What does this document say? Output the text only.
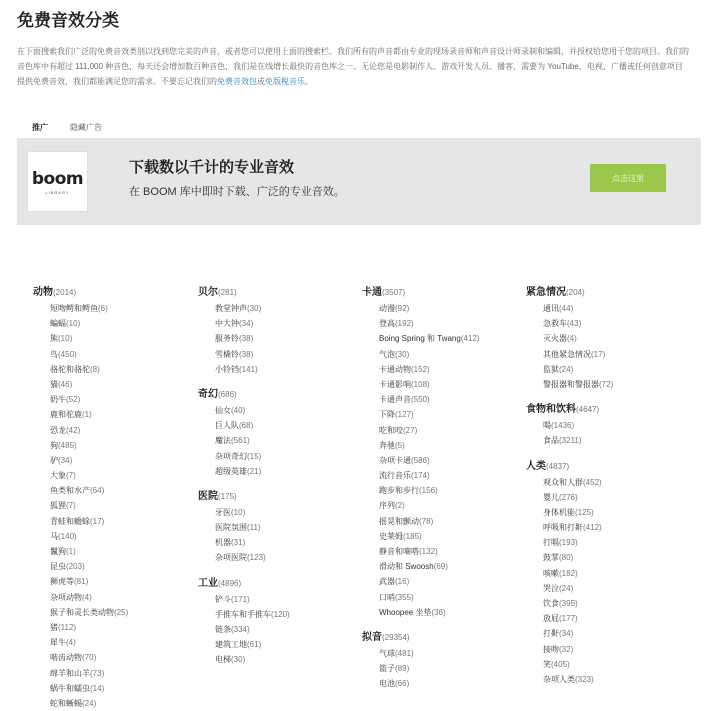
免费音效分类

在下面搜索我们广泛的免费音效类别以找到您完美的声音，或者您可以使用上面的搜索栏。我们所有的声音都由专业的现场录音师和声音设计师录制和编辑，并授权给您用于您的项目。我们的音色库中有超过 111,000 种音色，每天还会增加数百种音色，我们是在线增长最快的音色库之一。无论您是电影制作人、游戏开发人员、播客，需要为 YouTube、电视、广播或任何创意项目提供免费音效，我们都能满足您的需求。不要忘记我们的免费音效包或免版税音乐。

推广	隐藏广告
boom
LIBRARY
下载数以千计的专业音效
在 BOOM 库中即时下载、广泛的专业音效。
点击这里
动物(2014)
短吻鳄和鳄鱼(6)
蝙蝠(10)
熊(10)
鸟(450)
骆驼和骆驼(8)
猫(46)
奶牛(52)
鹿和驼鹿(1)
恐龙(42)
狗(485)
驴(34)
大象(7)
鱼类和水产(64)
狐狸(7)
青蛙和蟾蜍(17)
马(140)
鬣狗(1)
昆虫(203)
狮虎等(81)
杂项动物(4)
猴子和灵长类动物(25)
猪(112)
犀牛(4)
啮齿动物(70)
绵羊和山羊(73)
蜗牛和蠕虫(14)
蛇和蜥蜴(24)
贝尔(281)
教堂钟声(30)
中大钟(34)
服务铃(38)
雪橇铃(38)
小铃铛(141)
奇幻(686)
仙女(40)
巨人队(68)
魔法(561)
杂项奇幻(15)
超级英雄(21)
医院(175)
牙医(10)
医院氛围(11)
机器(31)
杂项医院(123)
工业(4896)
铲斗(171)
手推车和手推车(120)
链条(334)
建筑工地(61)
电梯(30)
卡通(3507)
动漫(92)
登高(192)
Boing Spring 和 Twang(412)
气泡(30)
卡通动物(152)
卡通影响(108)
卡通声音(550)
下降(127)
吃和咬(27)
奔驰(5)
杂项卡通(586)
流行音乐(174)
跑步和步行(156)
序列(2)
摇晃和颤动(78)
史莱姆(185)
静音和嘀嗒(132)
滑动和 Swoosh(69)
武器(16)
口哨(355)
Whoopee 坐垫(36)
拟音(29354)
气球(481)
篮子(89)
电池(66)
紧急情况(204)
通讯(44)
急救车(43)
灭火器(4)
其他紧急情况(17)
监狱(24)
警报器和警报器(72)
食物和饮料(4647)
喝(1436)
食品(3211)
人类(4837)
观众和人群(452)
婴儿(276)
身体机能(125)
呼吸和打鼾(412)
打嗝(193)
鼓掌(80)
咳嗽(182)
哭泣(24)
饮食(395)
放屁(177)
打鼾(34)
接吻(32)
笑(405)
杂项人类(323)
